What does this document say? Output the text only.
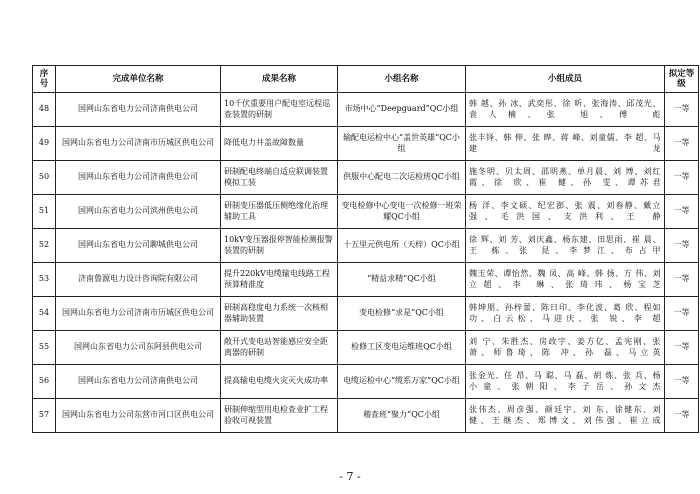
序号	完成单位名称	成果名称	小组名称	小组成员	拟定等级
48	国网山东省电力公司济南供电公司	10千伏重要用户配电室远程巡查装置的研制	市场中心“Deepguard”QC小组	韩 越、孙 冰、武奕彤、徐 昕、张海涛、邱茂光、袁人楠、张 旭、傅 彪	一等
49	国网山东省电力公司济南市历城区供电公司	降低电力井盖故障数量	输配电运检中心“盖世英雄”QC小组	张丰铎、韩 伸、张 晔、蒋 峰、刘童儒、李 超、马建龙	一等
50	国网山东省电力公司济南供电公司	研制配电终端自适应联调装置模拟工装	供服中心配电二次运检班QC小组	施冬明、贝太周、邵明燕、单月晨、刘 博、刘红霞、徐 欣、崔 健、孙 雯、谭苏君	一等
51	国网山东省电力公司滨州供电公司	研制变压器低压侧绝缘化治理辅助工具	变电检修中心变电一次检修一班荣耀QC小组	杨 洋、李文硕、纪宏澎、张 震、刘春静、戴立强、毛洪国、支洪利、王 静	一等
52	国网山东省电力公司聊城供电公司	10kV变压器报停智能检测报警装置的研制	十五里元供电所（天梓）QC小组	徐 辉、刘 芳、刘庆鑫、杨东建、田思雨、崔 晨、王 栋、张 昆、李梦江、布占甲	一等
53	济南鲁源电力设计咨询院有限公司	提升220kV电缆输电线路工程预算精准度	“精益求精”QC小组	魏玉荣、谭怡然、魏 凤、高 峰、韩 扬、方 伟、刘立超、李 琳、张琦玮、杨宝芝	一等
54	国网山东省电力公司济南市历城区供电公司	研制高稳度电力系统一次核相器辅助装置	变电检修“求是”QC小组	韩坤朋、孙梓蕾、陈日印、李化波、葛 欣、程如功、白云松、马迎庆、张 锐、李 超	一等
55	国网山东省电力公司东阿县供电公司	敞开式变电站智能感应安全距离器的研制	检修工区变电运维班QC小组	刘 宁、朱胜杰、房政宇、姜方亿、孟宪刚、张 萧、师鲁琦、陈 冲、孙 磊、马立英	一等
56	国网山东省电力公司济南供电公司	提高输电电缆火灾灭火成功率	电缆运检中心“缆系万家”QC小组	张金光、任 昂、马 聪、马 磊、胡 炼、张 兵、杨小童、张朝阳、李子岳、孙文杰	一等
57	国网山东省电力公司东营市河口区供电公司	研制伸缩型用电检查业扩工程验收可视装置	稽查班“聚力”QC小组	张伟杰、周彦强、颜廷宇、刘 东、徐健东、刘 健、王继杰、郑博文、刘伟强、崔立成	一等
- 7 -
